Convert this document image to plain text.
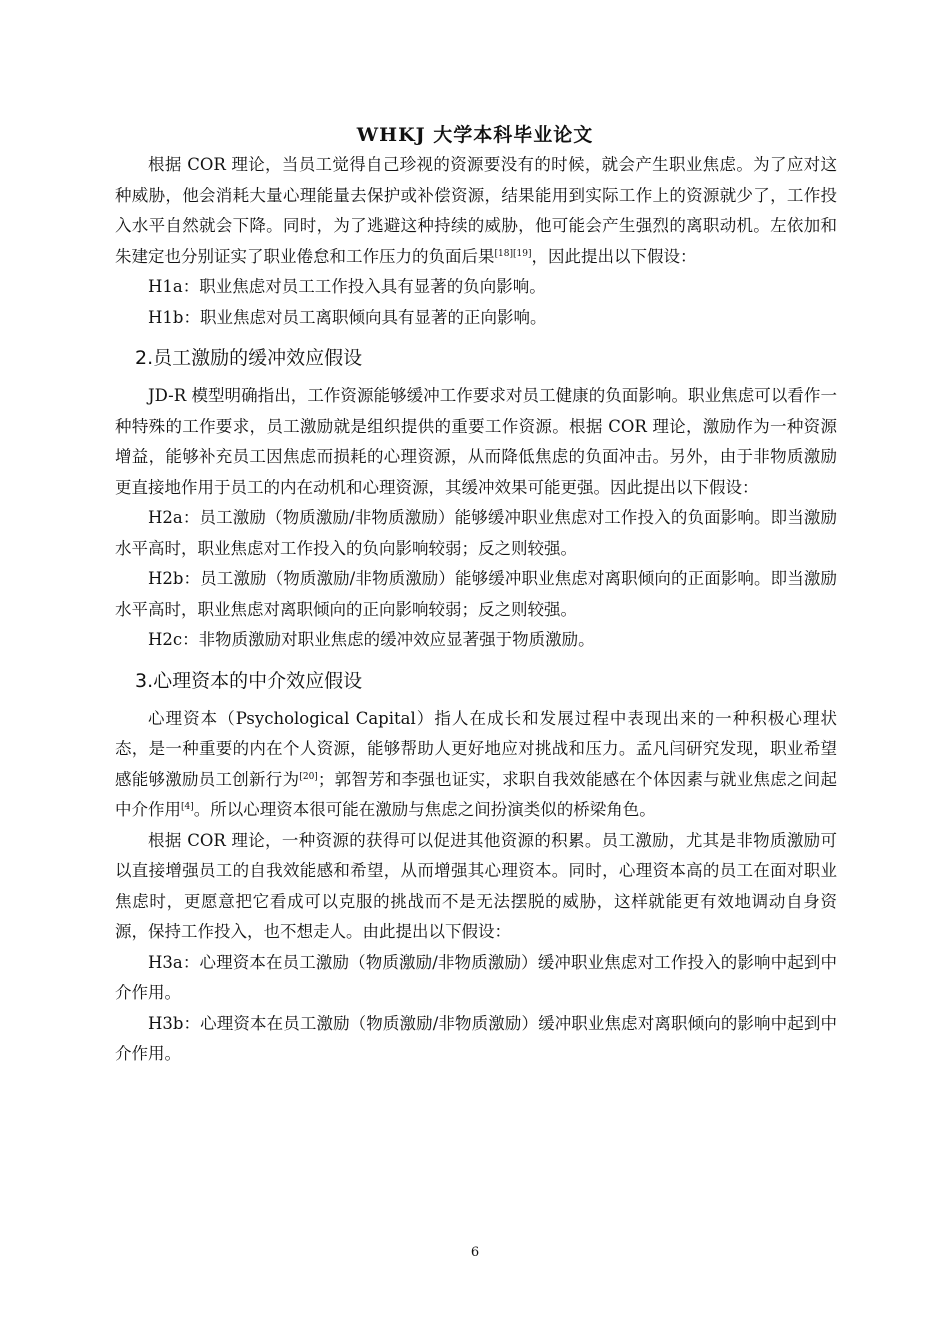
WHKJ 大学本科毕业论文

根据 COR 理论，当员工觉得自己珍视的资源要没有的时候，就会产生职业焦虑。为了应对这种威胁，他会消耗大量心理能量去保护或补偿资源，结果能用到实际工作上的资源就少了，工作投入水平自然就会下降。同时，为了逃避这种持续的威胁，他可能会产生强烈的离职动机。左依加和朱建定也分别证实了职业倦怠和工作压力的负面后果[18][19]，因此提出以下假设：

H1a：职业焦虑对员工工作投入具有显著的负向影响。

H1b：职业焦虑对员工离职倾向具有显著的正向影响。

2.员工激励的缓冲效应假设

JD-R 模型明确指出，工作资源能够缓冲工作要求对员工健康的负面影响。职业焦虑可以看作一种特殊的工作要求，员工激励就是组织提供的重要工作资源。根据 COR 理论，激励作为一种资源增益，能够补充员工因焦虑而损耗的心理资源，从而降低焦虑的负面冲击。另外，由于非物质激励更直接地作用于员工的内在动机和心理资源，其缓冲效果可能更强。因此提出以下假设：

H2a：员工激励（物质激励/非物质激励）能够缓冲职业焦虑对工作投入的负面影响。即当激励水平高时，职业焦虑对工作投入的负向影响较弱；反之则较强。

H2b：员工激励（物质激励/非物质激励）能够缓冲职业焦虑对离职倾向的正面影响。即当激励水平高时，职业焦虑对离职倾向的正向影响较弱；反之则较强。

H2c：非物质激励对职业焦虑的缓冲效应显著强于物质激励。

3.心理资本的中介效应假设

心理资本（Psychological Capital）指人在成长和发展过程中表现出来的一种积极心理状态，是一种重要的内在个人资源，能够帮助人更好地应对挑战和压力。孟凡闫研究发现，职业希望感能够激励员工创新行为[20]；郭智芳和李强也证实，求职自我效能感在个体因素与就业焦虑之间起中介作用[4]。所以心理资本很可能在激励与焦虑之间扮演类似的桥梁角色。

根据 COR 理论，一种资源的获得可以促进其他资源的积累。员工激励，尤其是非物质激励可以直接增强员工的自我效能感和希望，从而增强其心理资本。同时，心理资本高的员工在面对职业焦虑时，更愿意把它看成可以克服的挑战而不是无法摆脱的威胁，这样就能更有效地调动自身资源，保持工作投入，也不想走人。由此提出以下假设：

H3a：心理资本在员工激励（物质激励/非物质激励）缓冲职业焦虑对工作投入的影响中起到中介作用。

H3b：心理资本在员工激励（物质激励/非物质激励）缓冲职业焦虑对离职倾向的影响中起到中介作用。

6
